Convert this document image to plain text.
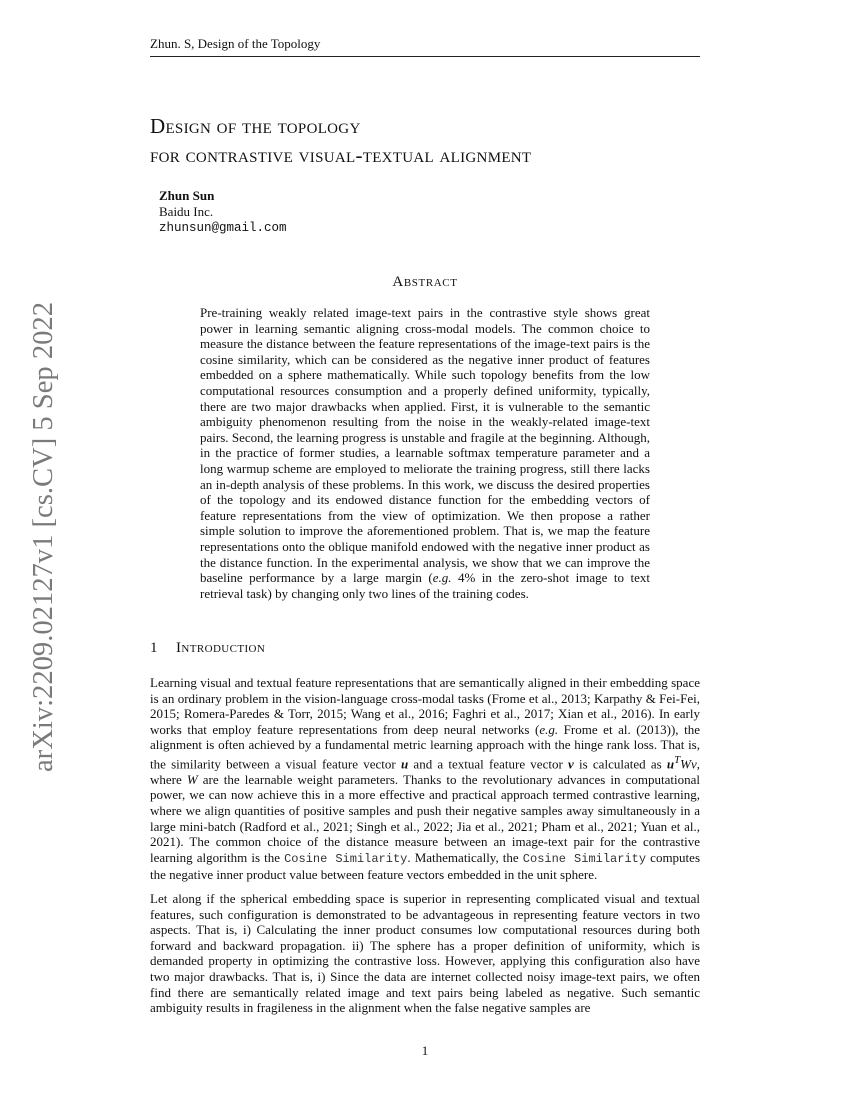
Zhun. S, Design of the Topology
Design of the topology
for contrastive visual-textual alignment
Zhun Sun
Baidu Inc.
zhunsun@gmail.com
arXiv:2209.02127v1 [cs.CV] 5 Sep 2022
Abstract
Pre-training weakly related image-text pairs in the contrastive style shows great power in learning semantic aligning cross-modal models. The common choice to measure the distance between the feature representations of the image-text pairs is the cosine similarity, which can be considered as the negative inner product of features embedded on a sphere mathematically. While such topology benefits from the low computational resources consumption and a properly defined uniformity, typically, there are two major drawbacks when applied. First, it is vulnerable to the semantic ambiguity phenomenon resulting from the noise in the weakly-related image-text pairs. Second, the learning progress is unstable and fragile at the beginning. Although, in the practice of former studies, a learnable softmax temperature parameter and a long warmup scheme are employed to meliorate the training progress, still there lacks an in-depth analysis of these problems. In this work, we discuss the desired properties of the topology and its endowed distance function for the embedding vectors of feature representations from the view of optimization. We then propose a rather simple solution to improve the aforementioned problem. That is, we map the feature representations onto the oblique manifold endowed with the negative inner product as the distance function. In the experimental analysis, we show that we can improve the baseline performance by a large margin (e.g. 4% in the zero-shot image to text retrieval task) by changing only two lines of the training codes.
1 Introduction

Learning visual and textual feature representations that are semantically aligned in their embedding space is an ordinary problem in the vision-language cross-modal tasks (Frome et al., 2013; Karpathy & Fei-Fei, 2015; Romera-Paredes & Torr, 2015; Wang et al., 2016; Faghri et al., 2017; Xian et al., 2016). In early works that employ feature representations from deep neural networks (e.g. Frome et al. (2013)), the alignment is often achieved by a fundamental metric learning approach with the hinge rank loss. That is, the similarity between a visual feature vector u and a textual feature vector v is calculated as $u^TWv$, where W are the learnable weight parameters. Thanks to the revolutionary advances in computational power, we can now achieve this in a more effective and practical approach termed contrastive learning, where we align quantities of positive samples and push their negative samples away simultaneously in a large mini-batch (Radford et al., 2021; Singh et al., 2022; Jia et al., 2021; Pham et al., 2021; Yuan et al., 2021). The common choice of the distance measure between an image-text pair for the contrastive learning algorithm is the Cosine Similarity. Mathematically, the Cosine Similarity computes the negative inner product value between feature vectors embedded in the unit sphere.

Let along if the spherical embedding space is superior in representing complicated visual and textual features, such configuration is demonstrated to be advantageous in representing feature vectors in two aspects. That is, i) Calculating the inner product consumes low computational resources during both forward and backward propagation. ii) The sphere has a proper definition of uniformity, which is demanded property in optimizing the contrastive loss. However, applying this configuration also have two major drawbacks. That is, i) Since the data are internet collected noisy image-text pairs, we often find there are semantically related image and text pairs being labeled as negative. Such semantic ambiguity results in fragileness in the alignment when the false negative samples are

1
